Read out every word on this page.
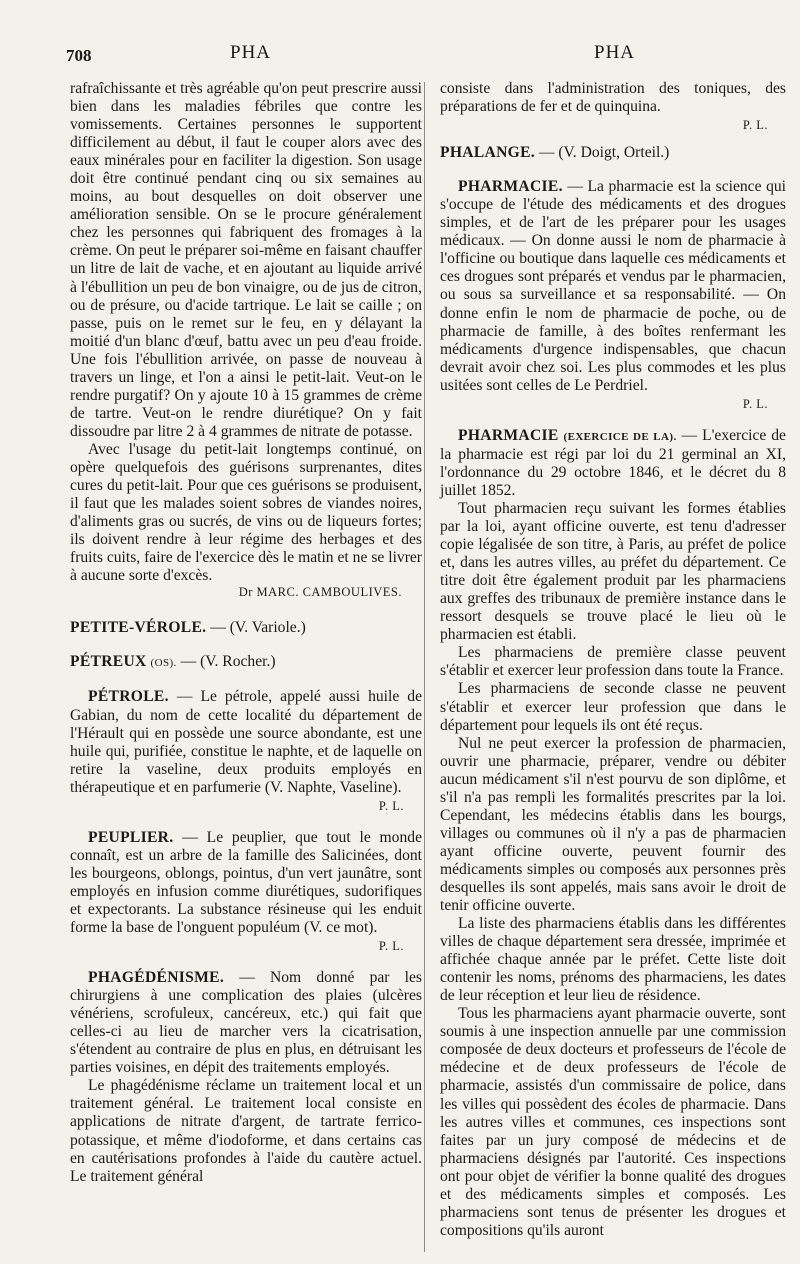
708	PHA	PHA

rafraîchissante et très agréable qu'on peut prescrire aussi bien dans les maladies fébriles que contre les vomissements. Certaines personnes le supportent difficilement au début, il faut le couper alors avec des eaux minérales pour en faciliter la digestion. Son usage doit être continué pendant cinq ou six semaines au moins, au bout desquelles on doit observer une amélioration sensible. On se le procure généralement chez les personnes qui fabriquent des fromages à la crème. On peut le préparer soi-même en faisant chauffer un litre de lait de vache, et en ajoutant au liquide arrivé à l'ébullition un peu de bon vinaigre, ou de jus de citron, ou de présure, ou d'acide tartrique. Le lait se caille ; on passe, puis on le remet sur le feu, en y délayant la moitié d'un blanc d'œuf, battu avec un peu d'eau froide. Une fois l'ébullition arrivée, on passe de nouveau à travers un linge, et l'on a ainsi le petit-lait. Veut-on le rendre purgatif? On y ajoute 10 à 15 grammes de crème de tartre. Veut-on le rendre diurétique? On y fait dissoudre par litre 2 à 4 grammes de nitrate de potasse.

Avec l'usage du petit-lait longtemps continué, on opère quelquefois des guérisons surprenantes, dites cures du petit-lait. Pour que ces guérisons se produisent, il faut que les malades soient sobres de viandes noires, d'aliments gras ou sucrés, de vins ou de liqueurs fortes; ils doivent rendre à leur régime des herbages et des fruits cuits, faire de l'exercice dès le matin et ne se livrer à aucune sorte d'excès.

Dr MARC. CAMBOULIVES.

PETITE-VÉROLE. — (V. Variole.)

PÉTREUX (OS). — (V. Rocher.)

PÉTROLE. — Le pétrole, appelé aussi huile de Gabian, du nom de cette localité du département de l'Hérault qui en possède une source abondante, est une huile qui, purifiée, constitue le naphte, et de laquelle on retire la vaseline, deux produits employés en thérapeutique et en parfumerie (V. Naphte, Vaseline).

P. L.

PEUPLIER. — Le peuplier, que tout le monde connaît, est un arbre de la famille des Salicinées, dont les bourgeons, oblongs, pointus, d'un vert jaunâtre, sont employés en infusion comme diurétiques, sudorifiques et expectorants. La substance résineuse qui les enduit forme la base de l'onguent populéum (V. ce mot).

P. L.

PHAGÉDÉNISME. — Nom donné par les chirurgiens à une complication des plaies (ulcères vénériens, scrofuleux, cancéreux, etc.) qui fait que celles-ci au lieu de marcher vers la cicatrisation, s'étendent au contraire de plus en plus, en détruisant les parties voisines, en dépit des traitements employés.

Le phagédénisme réclame un traitement local et un traitement général. Le traitement local consiste en applications de nitrate d'argent, de tartrate ferrico-potassique, et même d'iodoforme, et dans certains cas en cautérisations profondes à l'aide du cautère actuel. Le traitement général

consiste dans l'administration des toniques, des préparations de fer et de quinquina.

P. L.

PHALANGE. — (V. Doigt, Orteil.)

PHARMACIE. — La pharmacie est la science qui s'occupe de l'étude des médicaments et des drogues simples, et de l'art de les préparer pour les usages médicaux. — On donne aussi le nom de pharmacie à l'officine ou boutique dans laquelle ces médicaments et ces drogues sont préparés et vendus par le pharmacien, ou sous sa surveillance et sa responsabilité. — On donne enfin le nom de pharmacie de poche, ou de pharmacie de famille, à des boîtes renfermant les médicaments d'urgence indispensables, que chacun devrait avoir chez soi. Les plus commodes et les plus usitées sont celles de Le Perdriel.

P. L.

PHARMACIE (EXERCICE DE LA). — L'exercice de la pharmacie est régi par loi du 21 germinal an XI, l'ordonnance du 29 octobre 1846, et le décret du 8 juillet 1852.

Tout pharmacien reçu suivant les formes établies par la loi, ayant officine ouverte, est tenu d'adresser copie légalisée de son titre, à Paris, au préfet de police et, dans les autres villes, au préfet du département. Ce titre doit être également produit par les pharmaciens aux greffes des tribunaux de première instance dans le ressort desquels se trouve placé le lieu où le pharmacien est établi.

Les pharmaciens de première classe peuvent s'établir et exercer leur profession dans toute la France.

Les pharmaciens de seconde classe ne peuvent s'établir et exercer leur profession que dans le département pour lequels ils ont été reçus.

Nul ne peut exercer la profession de pharmacien, ouvrir une pharmacie, préparer, vendre ou débiter aucun médicament s'il n'est pourvu de son diplôme, et s'il n'a pas rempli les formalités prescrites par la loi. Cependant, les médecins établis dans les bourgs, villages ou communes où il n'y a pas de pharmacien ayant officine ouverte, peuvent fournir des médicaments simples ou composés aux personnes près desquelles ils sont appelés, mais sans avoir le droit de tenir officine ouverte.

La liste des pharmaciens établis dans les différentes villes de chaque département sera dressée, imprimée et affichée chaque année par le préfet. Cette liste doit contenir les noms, prénoms des pharmaciens, les dates de leur réception et leur lieu de résidence.

Tous les pharmaciens ayant pharmacie ouverte, sont soumis à une inspection annuelle par une commission composée de deux docteurs et professeurs de l'école de médecine et de deux professeurs de l'école de pharmacie, assistés d'un commissaire de police, dans les villes qui possèdent des écoles de pharmacie. Dans les autres villes et communes, ces inspections sont faites par un jury composé de médecins et de pharmaciens désignés par l'autorité. Ces inspections ont pour objet de vérifier la bonne qualité des drogues et des médicaments simples et composés. Les pharmaciens sont tenus de présenter les drogues et compositions qu'ils auront
